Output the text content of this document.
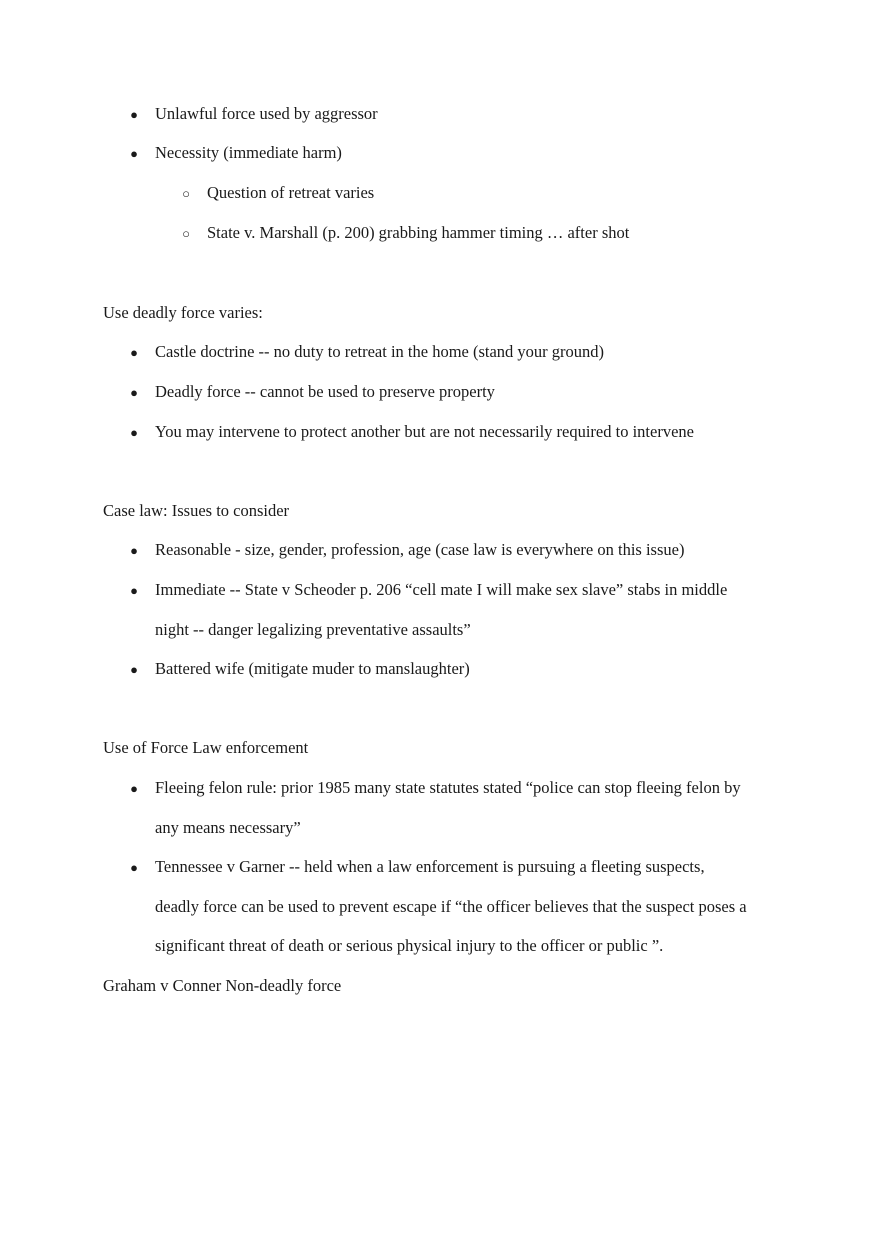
●
Unlawful force used by aggressor
●
Necessity (immediate harm)
○
Question of retreat varies
○
State v. Marshall (p. 200) grabbing hammer timing … after shot
Use deadly force varies:
●
Castle doctrine -- no duty to retreat in the home (stand your ground)
●
Deadly force -- cannot be used to preserve property
●
You may intervene to protect another but are not necessarily required to intervene
Case law: Issues to consider
●
Reasonable - size, gender, profession, age (case law is everywhere on this issue)
●
Immediate -- State v Scheoder p. 206 “cell mate I will make sex slave” stabs in middle
night -- danger legalizing preventative assaults”
●
Battered wife (mitigate muder to manslaughter)
Use of Force Law enforcement
●
Fleeing felon rule: prior 1985 many state statutes stated “police can stop fleeing felon by
any means necessary”
●
Tennessee v Garner -- held when a law enforcement is pursuing a fleeting suspects,
deadly force can be used to prevent escape if “the officer believes that the suspect poses a
significant threat of death or serious physical injury to the officer or public ”.
Graham v Conner Non-deadly force
